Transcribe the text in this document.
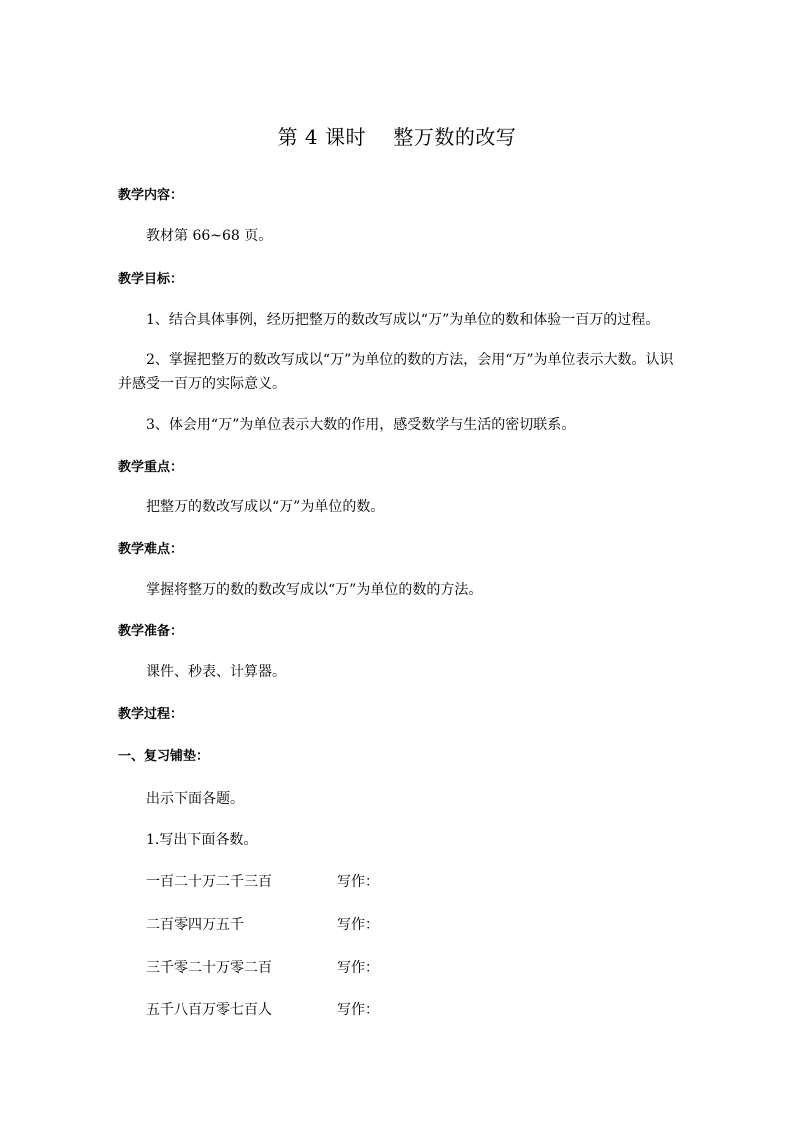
第 4 课时    整万数的改写
教学内容：
教材第 66~68 页。
教学目标：
1、结合具体事例，经历把整万的数改写成以“万”为单位的数和体验一百万的过程。
2、掌握把整万的数改写成以“万”为单位的数的方法，会用“万”为单位表示大数。认识
并感受一百万的实际意义。
3、体会用“万”为单位表示大数的作用，感受数学与生活的密切联系。
教学重点：
把整万的数改写成以“万”为单位的数。
教学难点：
掌握将整万的数的数改写成以“万”为单位的数的方法。
教学准备：
课件、秒表、计算器。
教学过程：
一、复习铺垫：
出示下面各题。
1.写出下面各数。
一百二十万二千三百	写作：
二百零四万五千	写作：
三千零二十万零二百	写作：
五千八百万零七百人	写作：
